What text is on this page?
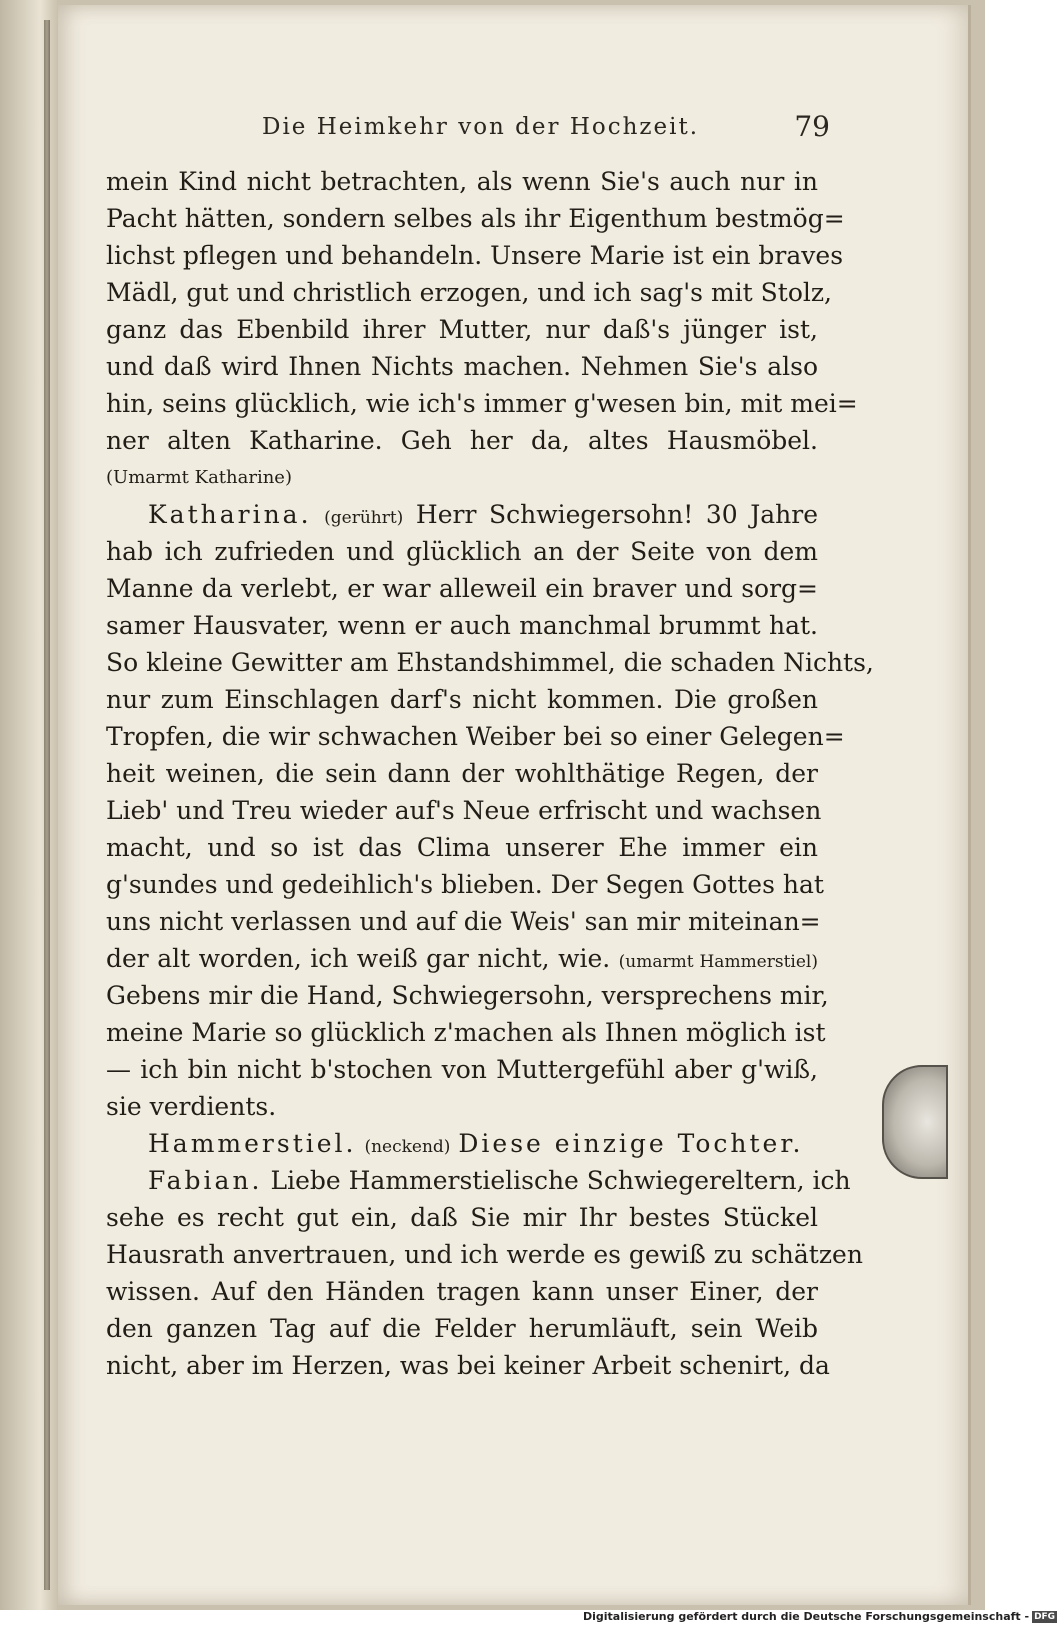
Die Heimkehr von der Hochzeit.	79
mein Kind nicht betrachten, als wenn Sie's auch nur in
Pacht hätten, sondern selbes als ihr Eigenthum bestmög=
lichst pflegen und behandeln. Unsere Marie ist ein braves
Mädl, gut und christlich erzogen, und ich sag's mit Stolz,
ganz das Ebenbild ihrer Mutter, nur daß's jünger ist,
und daß wird Ihnen Nichts machen. Nehmen Sie's also
hin, seins glücklich, wie ich's immer g'wesen bin, mit mei=
ner alten Katharine. Geh her da, altes Hausmöbel.
(Umarmt Katharine)
Katharina. (gerührt) Herr Schwiegersohn! 30 Jahre
hab ich zufrieden und glücklich an der Seite von dem
Manne da verlebt, er war alleweil ein braver und sorg=
samer Hausvater, wenn er auch manchmal brummt hat.
So kleine Gewitter am Ehstandshimmel, die schaden Nichts,
nur zum Einschlagen darf's nicht kommen. Die großen
Tropfen, die wir schwachen Weiber bei so einer Gelegen=
heit weinen, die sein dann der wohlthätige Regen, der
Lieb' und Treu wieder auf's Neue erfrischt und wachsen
macht, und so ist das Clima unserer Ehe immer ein
g'sundes und gedeihlich's blieben. Der Segen Gottes hat
uns nicht verlassen und auf die Weis' san mir miteinan=
der alt worden, ich weiß gar nicht, wie. (umarmt Hammerstiel)
Gebens mir die Hand, Schwiegersohn, versprechens mir,
meine Marie so glücklich z'machen als Ihnen möglich ist
— ich bin nicht b'stochen von Muttergefühl aber g'wiß,
sie verdients.
Hammerstiel. (neckend) Diese einzige Tochter.
Fabian. Liebe Hammerstielische Schwiegereltern, ich
sehe es recht gut ein, daß Sie mir Ihr bestes Stückel
Hausrath anvertrauen, und ich werde es gewiß zu schätzen
wissen. Auf den Händen tragen kann unser Einer, der
den ganzen Tag auf die Felder herumläuft, sein Weib
nicht, aber im Herzen, was bei keiner Arbeit schenirt, da
Digitalisierung gefördert durch die Deutsche Forschungsgemeinschaft - DFG
